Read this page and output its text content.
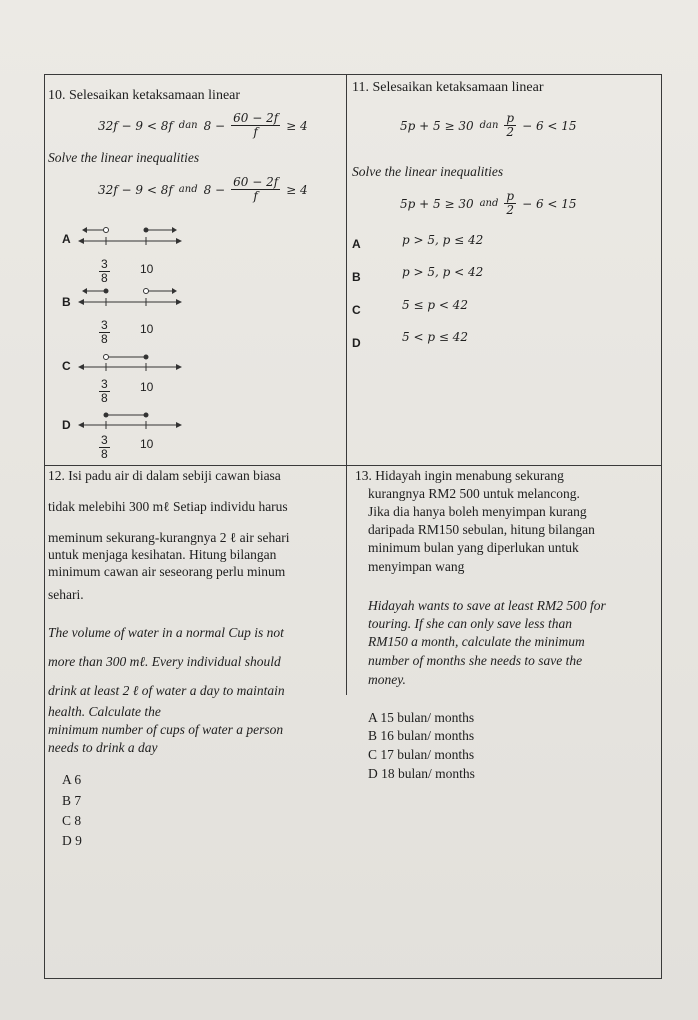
10. Selesaikan ketaksamaan linear
32f − 9 < 8f dan $8 - \frac{60 - 2f}{f} \ge 4$
Solve the linear inequalities
32f − 9 < 8f and $8 - \frac{60 - 2f}{f} \ge 4$
A
$\frac{3}{8}$	10
B
$\frac{3}{8}$	10
C
$\frac{3}{8}$	10
D
$\frac{3}{8}$	10
11. Selesaikan ketaksamaan linear
5p + 5 ≥ 30 dan $\frac{p}{2} - 6 < 15$
Solve the linear inequalities
5p + 5 ≥ 30 and $\frac{p}{2} - 6 < 15$
A	p > 5, p ≤ 42
B	p > 5, p < 42
C	5 ≤ p < 42
D	5 < p ≤ 42
12. Isi padu air di dalam sebiji cawan biasa
tidak melebihi 300 mℓ Setiap individu harus
meminum sekurang-kurangnya 2 ℓ air sehari
untuk menjaga kesihatan. Hitung bilangan
minimum cawan air seseorang perlu minum
sehari.
The volume of water in a normal Cup is not
more than 300 mℓ. Every individual should
drink at least 2 ℓ of water a day to maintain
health. Calculate the
minimum number of cups of water a person
needs to drink a day
A 6
B 7
C 8
D 9
13. Hidayah ingin menabung sekurang
kurangnya RM2 500 untuk melancong.
Jika dia hanya boleh menyimpan kurang
daripada RM150 sebulan, hitung bilangan
minimum bulan yang diperlukan untuk
menyimpan wang
Hidayah wants to save at least RM2 500 for
touring. If she can only save less than
RM150 a month, calculate the minimum
number of months she needs to save the
money.
A 15 bulan/ months
B 16 bulan/ months
C 17 bulan/ months
D 18 bulan/ months
